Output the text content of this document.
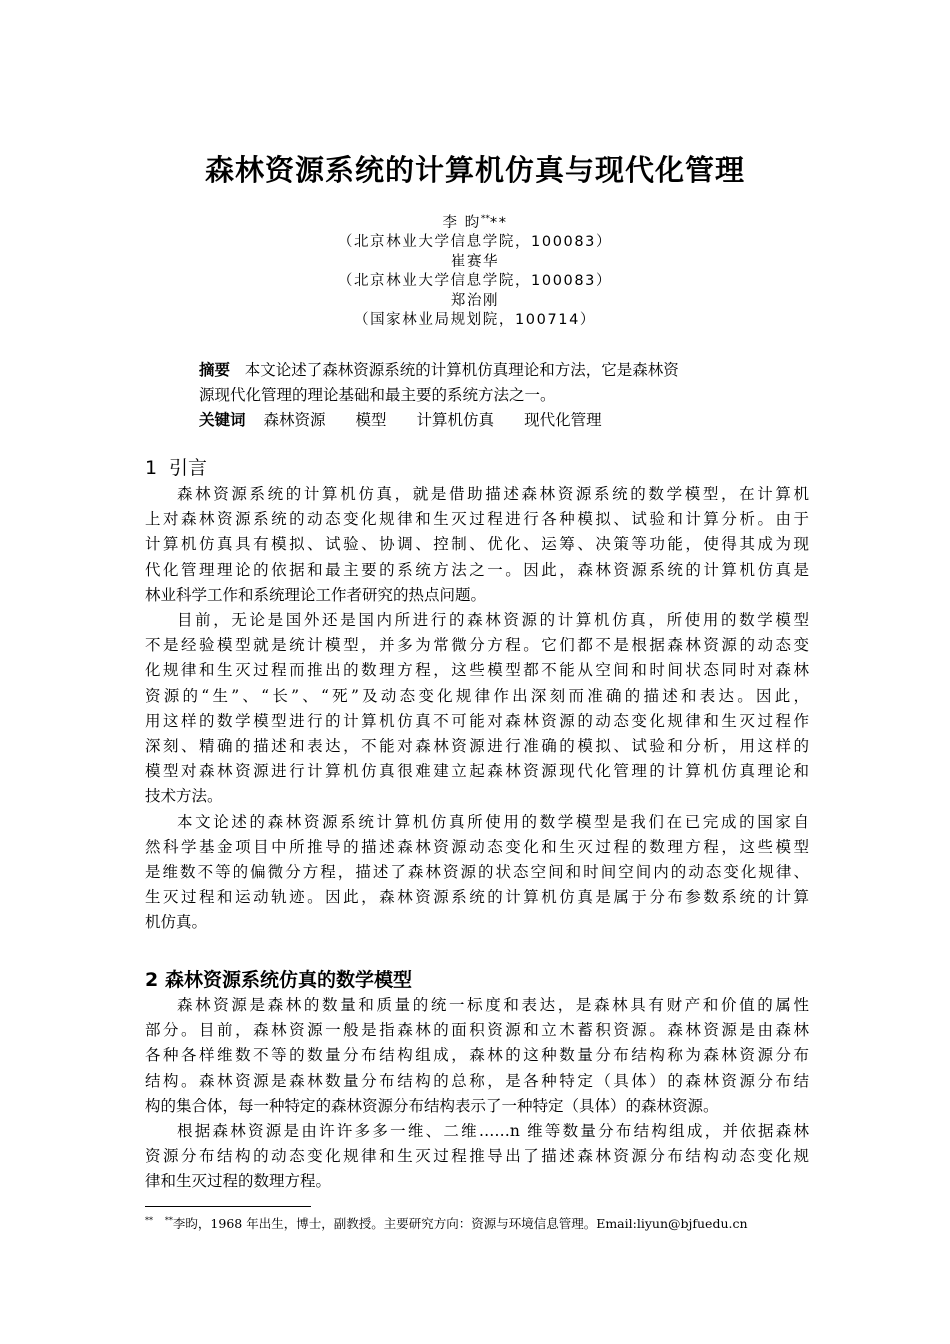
森林资源系统的计算机仿真与现代化管理
李 昀****
（北京林业大学信息学院，100083）
崔赛华
（北京林业大学信息学院，100083）
郑治刚
（国家林业局规划院，100714）
摘要 本文论述了森林资源系统的计算机仿真理论和方法，它是森林资
源现代化管理的理论基础和最主要的系统方法之一。
关键词 森林资源 模型 计算机仿真 现代化管理
1 引言
森林资源系统的计算机仿真，就是借助描述森林资源系统的数学模型，在计算机
上对森林资源系统的动态变化规律和生灭过程进行各种模拟、试验和计算分析。由于
计算机仿真具有模拟、试验、协调、控制、优化、运筹、决策等功能，使得其成为现
代化管理理论的依据和最主要的系统方法之一。因此，森林资源系统的计算机仿真是
林业科学工作和系统理论工作者研究的热点问题。
目前，无论是国外还是国内所进行的森林资源的计算机仿真，所使用的数学模型
不是经验模型就是统计模型，并多为常微分方程。它们都不是根据森林资源的动态变
化规律和生灭过程而推出的数理方程，这些模型都不能从空间和时间状态同时对森林
资源的“生”、“长”、“死”及动态变化规律作出深刻而准确的描述和表达。因此，
用这样的数学模型进行的计算机仿真不可能对森林资源的动态变化规律和生灭过程作
深刻、精确的描述和表达，不能对森林资源进行准确的模拟、试验和分析，用这样的
模型对森林资源进行计算机仿真很难建立起森林资源现代化管理的计算机仿真理论和
技术方法。
本文论述的森林资源系统计算机仿真所使用的数学模型是我们在已完成的国家自
然科学基金项目中所推导的描述森林资源动态变化和生灭过程的数理方程，这些模型
是维数不等的偏微分方程，描述了森林资源的状态空间和时间空间内的动态变化规律、
生灭过程和运动轨迹。因此，森林资源系统的计算机仿真是属于分布参数系统的计算
机仿真。
2 森林资源系统仿真的数学模型
森林资源是森林的数量和质量的统一标度和表达，是森林具有财产和价值的属性
部分。目前，森林资源一般是指森林的面积资源和立木蓄积资源。森林资源是由森林
各种各样维数不等的数量分布结构组成，森林的这种数量分布结构称为森林资源分布
结构。森林资源是森林数量分布结构的总称，是各种特定（具体）的森林资源分布结
构的集合体，每一种特定的森林资源分布结构表示了一种特定（具体）的森林资源。
根据森林资源是由许许多多一维、二维……n 维等数量分布结构组成，并依据森林
资源分布结构的动态变化规律和生灭过程推导出了描述森林资源分布结构动态变化规
律和生灭过程的数理方程。
** **李昀，1968 年出生，博士，副教授。主要研究方向：资源与环境信息管理。Email:liyun@bjfuedu.cn
